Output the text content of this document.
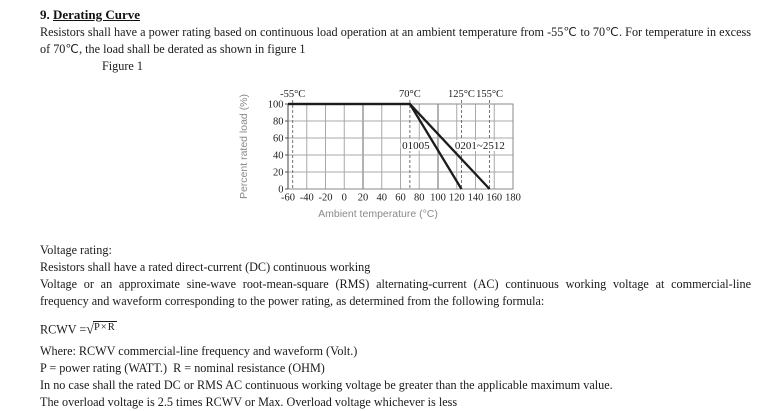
9. Derating Curve

Resistors shall have a power rating based on continuous load operation at an ambient temperature from -55℃ to 70℃. For temperature in excess of 70℃, the load shall be derated as shown in figure 1

Figure 1

0
20
40
60
80
100
-60 -40 -20 0 20 40 60 80 100 120 140 160 180
-55°C	70°C	125°C 155°C
01005 0201~2512
Ambient temperature (°C)
Percent rated load (%)

Voltage rating:

Resistors shall have a rated direct-current (DC) continuous working

Voltage or an approximate sine-wave root-mean-square (RMS) alternating-current (AC) continuous working voltage at commercial-line frequency and waveform corresponding to the power rating, as determined from the following formula:

RCWV =√P×R

Where: RCWV commercial-line frequency and waveform (Volt.)

P = power rating (WATT.)  R = nominal resistance (OHM)

In no case shall the rated DC or RMS AC continuous working voltage be greater than the applicable maximum value.

The overload voltage is 2.5 times RCWV or Max. Overload voltage whichever is less
